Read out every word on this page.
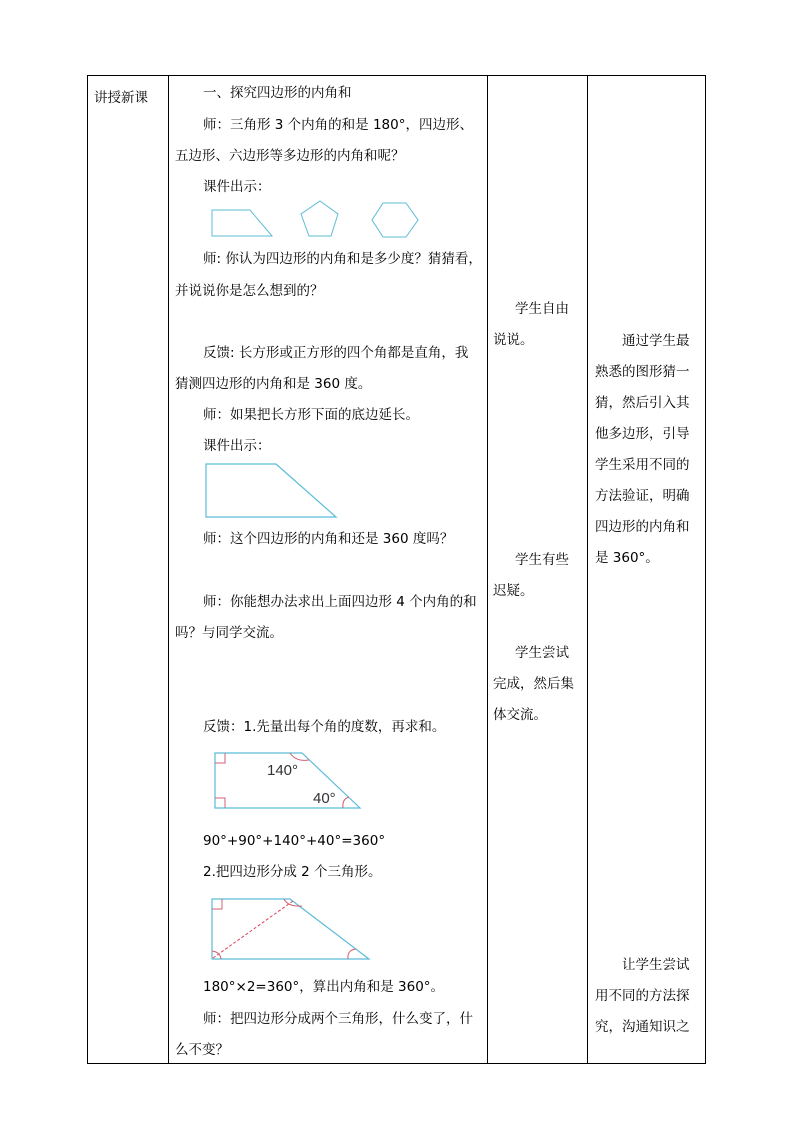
讲授新课	一、探究四边形的内角和
师：三角形 3 个内角的和是 180°，四边形、
五边形、六边形等多边形的内角和呢？
课件出示：
师: 你认为四边形的内角和是多少度？猜猜看，
并说说你是怎么想到的？
反馈: 长方形或正方形的四个角都是直角，我
猜测四边形的内角和是 360 度。
师：如果把长方形下面的底边延长。
课件出示：
师：这个四边形的内角和还是 360 度吗？
师：你能想办法求出上面四边形 4 个内角的和
吗？与同学交流。
反馈：1.先量出每个角的度数，再求和。
140°
40°
90°+90°+140°+40°=360°
2.把四边形分成 2 个三角形。
180°×2=360°，算出内角和是 360°。
师：把四边形分成两个三角形，什么变了，什
么不变？
学生自由
说说。
学生有些
迟疑。
学生尝试
完成，然后集
体交流。
通过学生最
熟悉的图形猜一
猜，然后引入其
他多边形，引导
学生采用不同的
方法验证，明确
四边形的内角和
是 360°。
让学生尝试
用不同的方法探
究，沟通知识之
